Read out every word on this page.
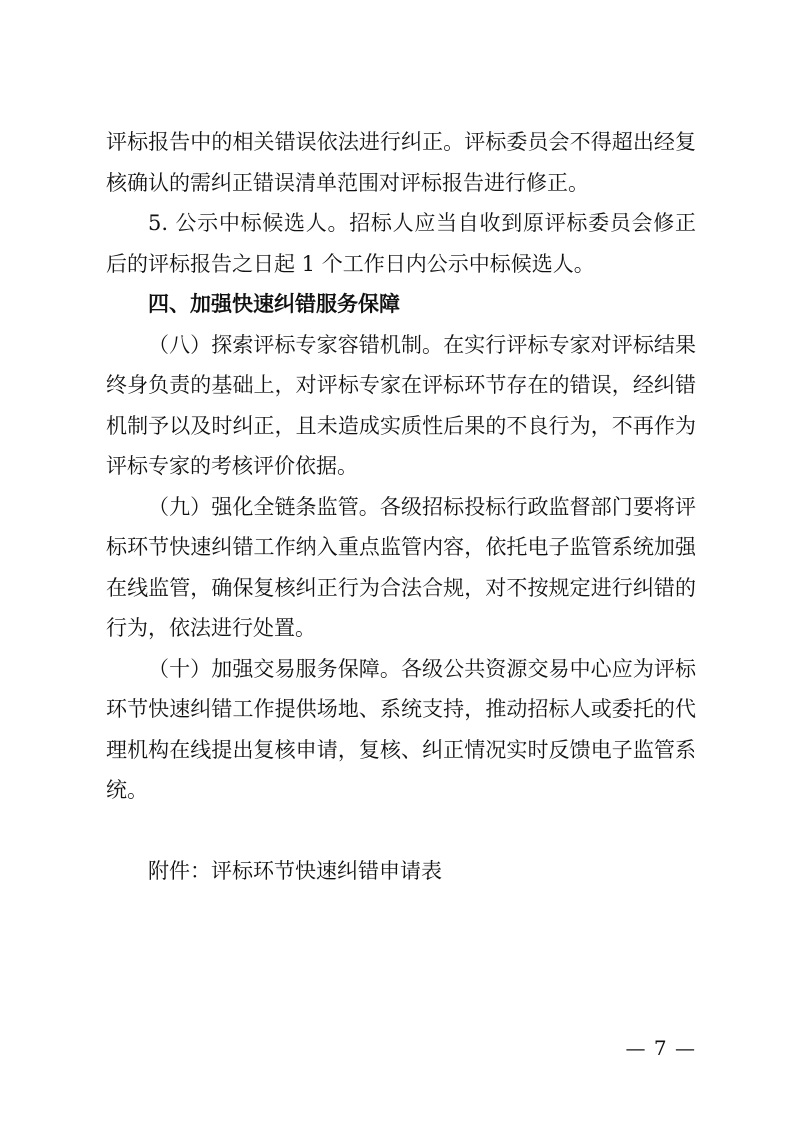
评标报告中的相关错误依法进行纠正。评标委员会不得超出经复核确认的需纠正错误清单范围对评标报告进行修正。

5. 公示中标候选人。招标人应当自收到原评标委员会修正后的评标报告之日起 1 个工作日内公示中标候选人。

四、加强快速纠错服务保障

（八）探索评标专家容错机制。在实行评标专家对评标结果终身负责的基础上，对评标专家在评标环节存在的错误，经纠错机制予以及时纠正，且未造成实质性后果的不良行为，不再作为评标专家的考核评价依据。

（九）强化全链条监管。各级招标投标行政监督部门要将评标环节快速纠错工作纳入重点监管内容，依托电子监管系统加强在线监管，确保复核纠正行为合法合规，对不按规定进行纠错的行为，依法进行处置。

（十）加强交易服务保障。各级公共资源交易中心应为评标环节快速纠错工作提供场地、系统支持，推动招标人或委托的代理机构在线提出复核申请，复核、纠正情况实时反馈电子监管系统。

附件：评标环节快速纠错申请表

— 7 —
